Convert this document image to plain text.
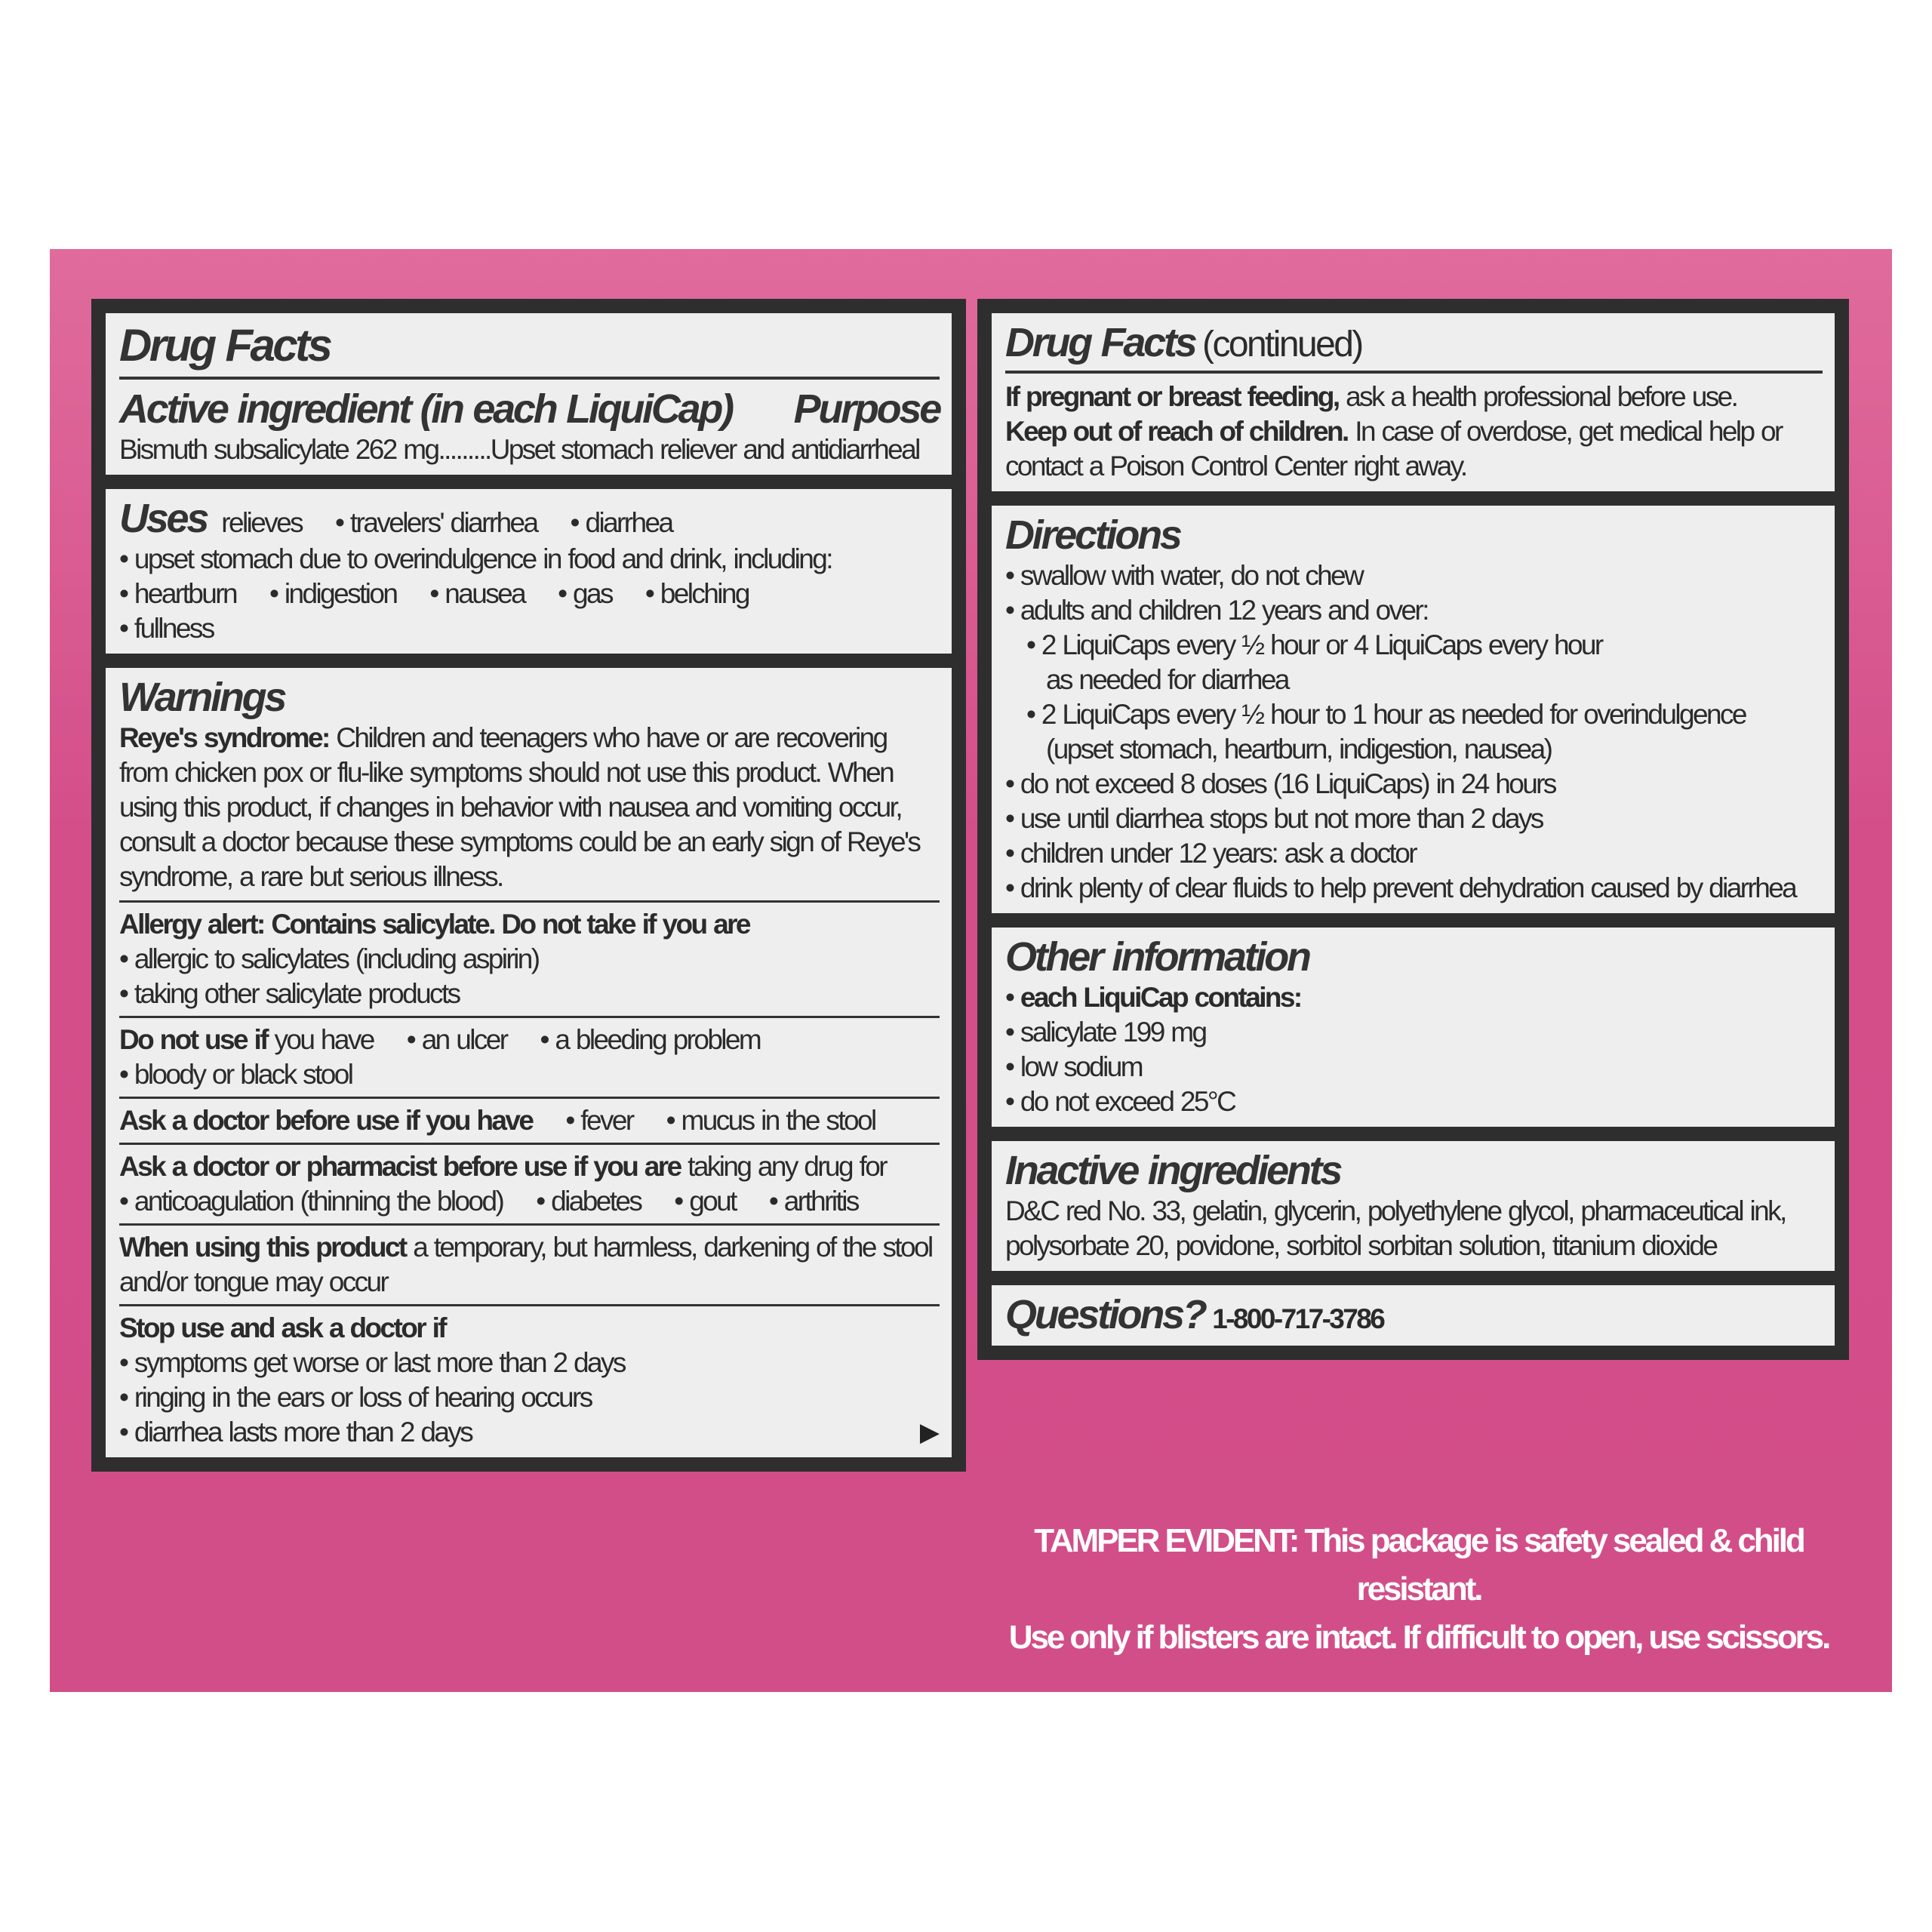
Drug Facts
Active ingredient (in each LiquiCap) Purpose
Bismuth subsalicylate 262 mg.........Upset stomach reliever and antidiarrheal
Uses relieves • travelers' diarrhea • diarrhea
• upset stomach due to overindulgence in food and drink, including:
• heartburn • indigestion • nausea • gas • belching
• fullness
Warnings
Reye's syndrome: Children and teenagers who have or are recovering from chicken pox or flu-like symptoms should not use this product. When using this product, if changes in behavior with nausea and vomiting occur, consult a doctor because these symptoms could be an early sign of Reye's syndrome, a rare but serious illness.
Allergy alert: Contains salicylate. Do not take if you are
• allergic to salicylates (including aspirin)
• taking other salicylate products
Do not use if you have • an ulcer • a bleeding problem
• bloody or black stool
Ask a doctor before use if you have • fever • mucus in the stool
Ask a doctor or pharmacist before use if you are taking any drug for
• anticoagulation (thinning the blood) • diabetes • gout • arthritis
When using this product a temporary, but harmless, darkening of the stool and/or tongue may occur
Stop use and ask a doctor if
• symptoms get worse or last more than 2 days
• ringing in the ears or loss of hearing occurs
• diarrhea lasts more than 2 days	▶
Drug Facts (continued)
If pregnant or breast feeding, ask a health professional before use.
Keep out of reach of children. In case of overdose, get medical help or contact a Poison Control Center right away.
Directions
• swallow with water, do not chew
• adults and children 12 years and over:
• 2 LiquiCaps every ½ hour or 4 LiquiCaps every hour
as needed for diarrhea
• 2 LiquiCaps every ½ hour to 1 hour as needed for overindulgence
(upset stomach, heartburn, indigestion, nausea)
• do not exceed 8 doses (16 LiquiCaps) in 24 hours
• use until diarrhea stops but not more than 2 days
• children under 12 years: ask a doctor
• drink plenty of clear fluids to help prevent dehydration caused by diarrhea
Other information
• each LiquiCap contains:
• salicylate 199 mg
• low sodium
• do not exceed 25°C
Inactive ingredients
D&C red No. 33, gelatin, glycerin, polyethylene glycol, pharmaceutical ink, polysorbate 20, povidone, sorbitol sorbitan solution, titanium dioxide
Questions? 1-800-717-3786
TAMPER EVIDENT: This package is safety sealed & child resistant.
Use only if blisters are intact. If difficult to open, use scissors.
